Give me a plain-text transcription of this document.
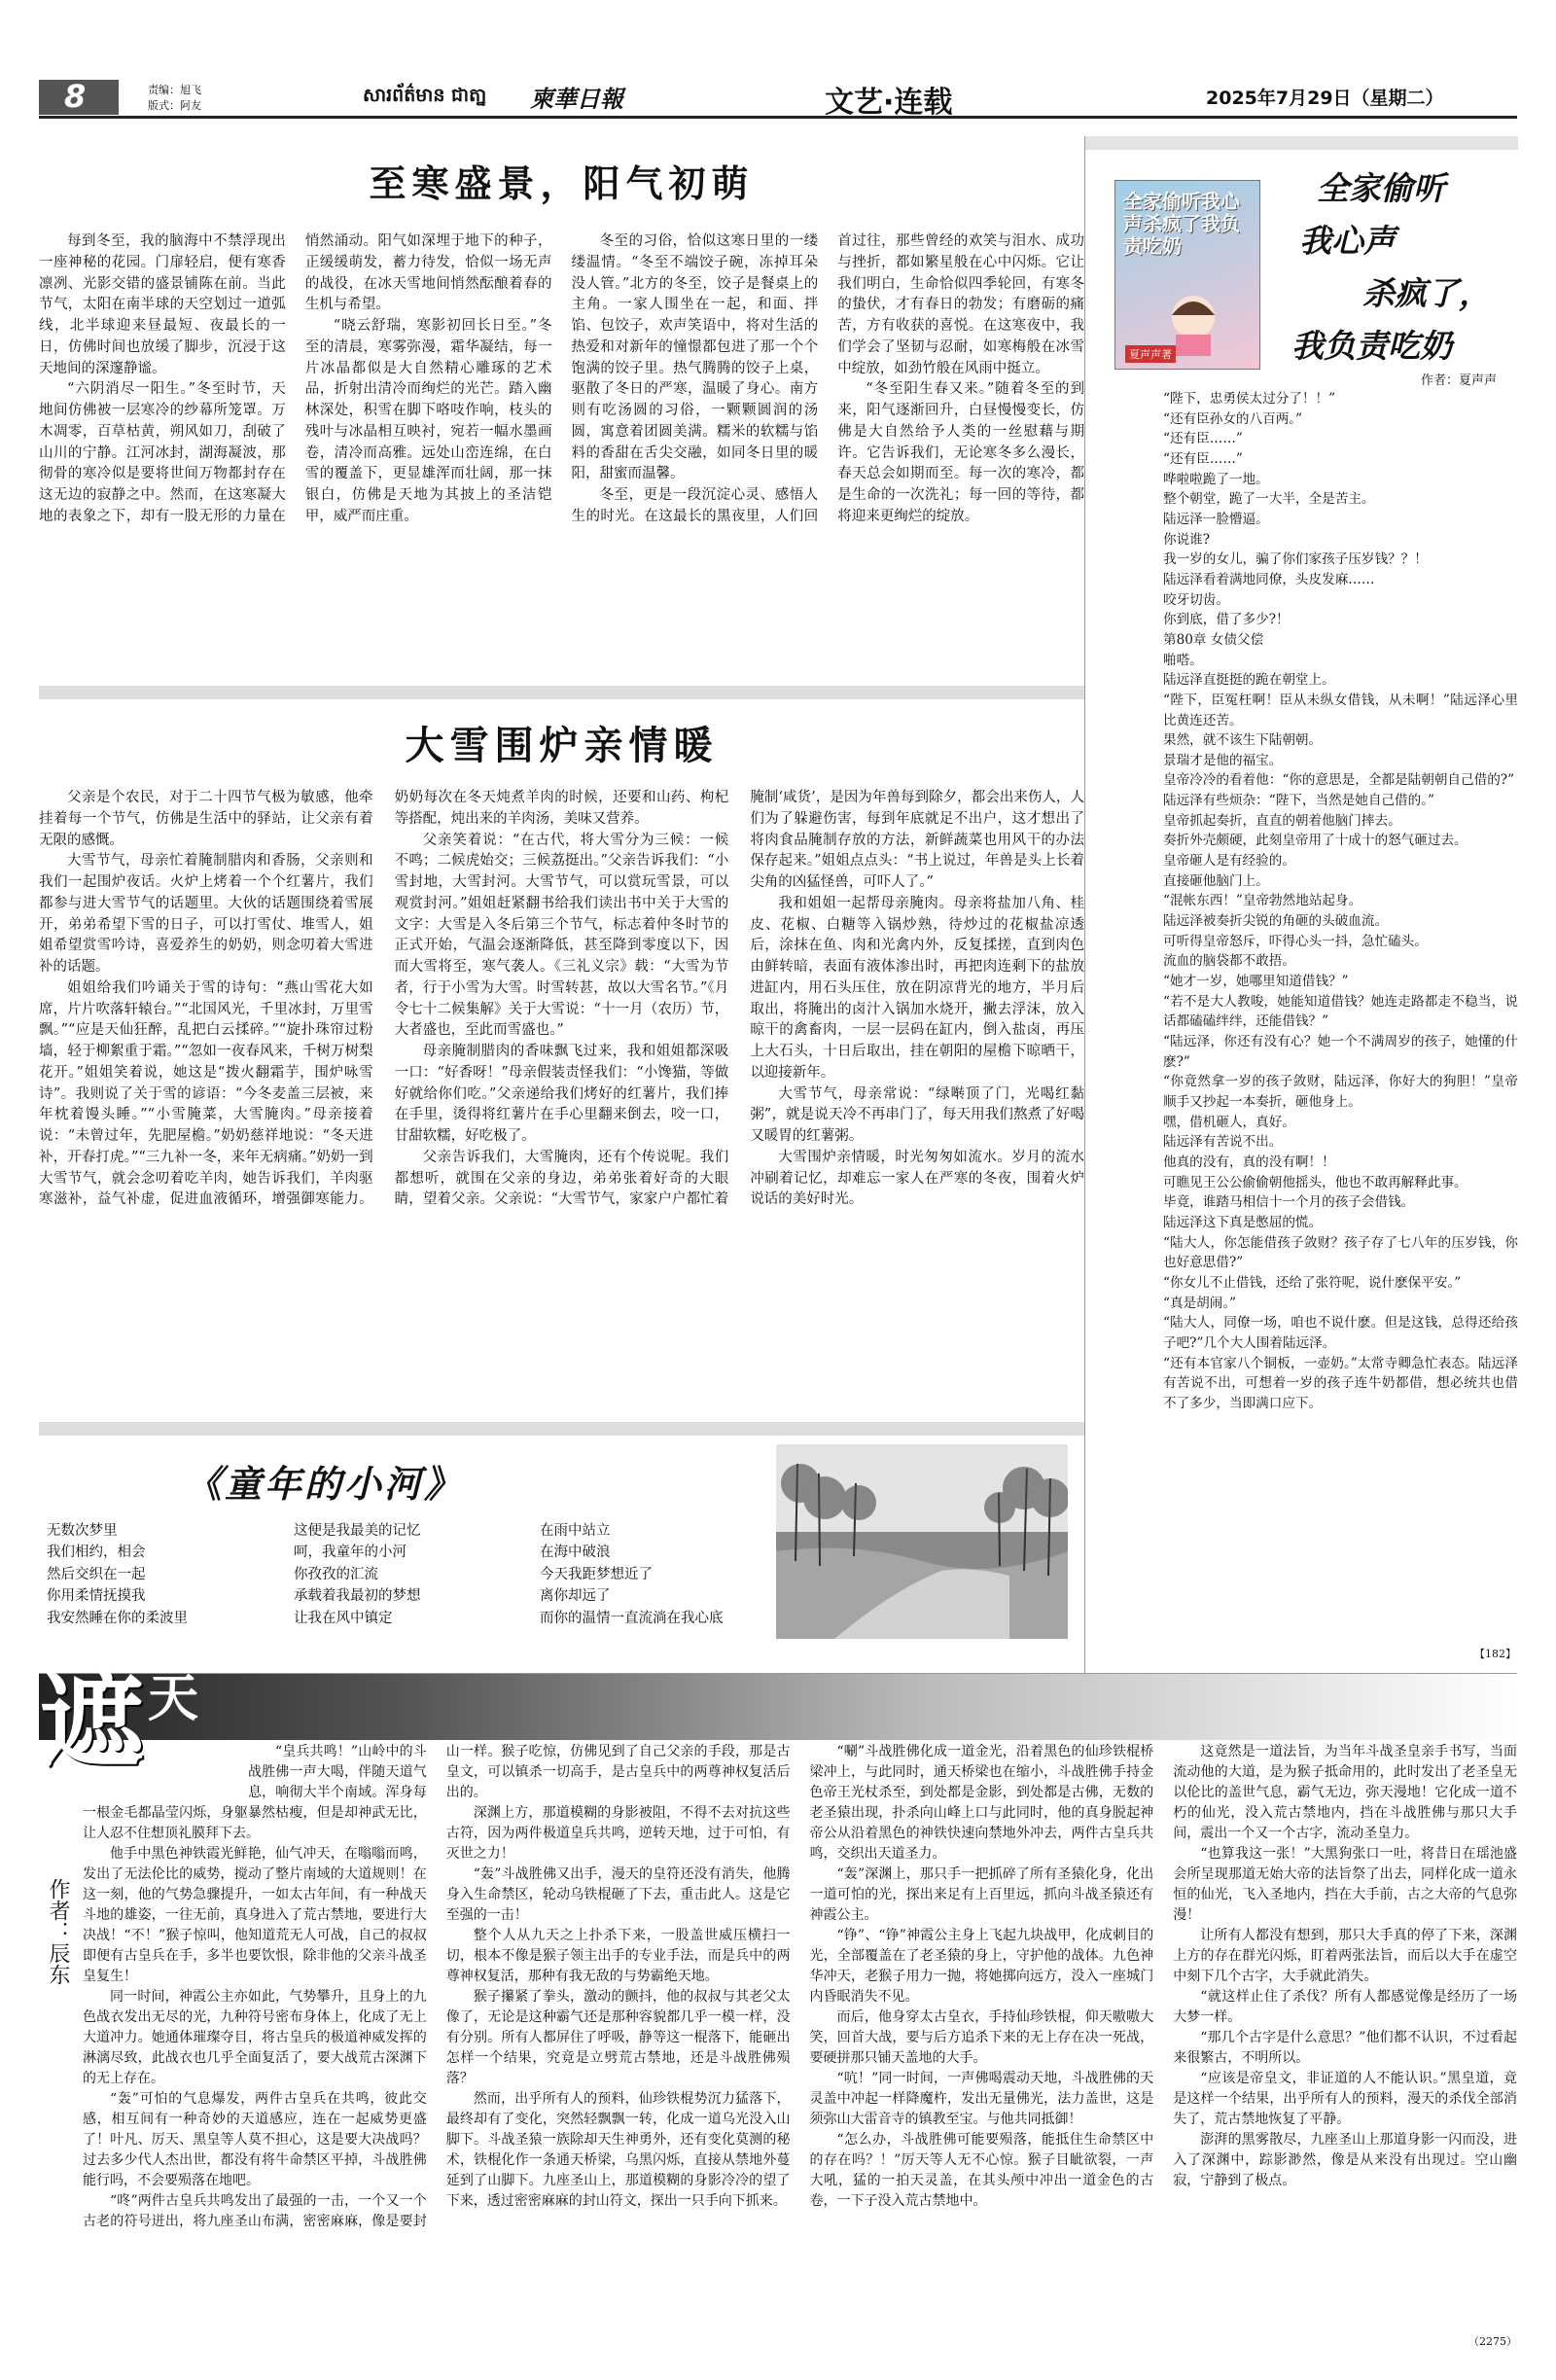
8	责编：旭飞
版式：阿友	សារព័ត៌មាន ជាតា្ន 柬華日報	文艺·连载	2025年7月29日（星期二）
至寒盛景，阳气初萌

每到冬至，我的脑海中不禁浮现出一座神秘的花园。门扉轻启，便有寒香凛冽、光影交错的盛景铺陈在前。当此节气，太阳在南半球的天空划过一道弧线，北半球迎来昼最短、夜最长的一日，仿佛时间也放缓了脚步，沉浸于这天地间的深邃静谧。

“六阴消尽一阳生。”冬至时节，天地间仿佛被一层寒冷的纱幕所笼罩。万木凋零，百草枯黄，朔风如刀，刮破了山川的宁静。江河冰封，湖海凝波，那彻骨的寒冷似是要将世间万物都封存在这无边的寂静之中。然而，在这寒凝大地的表象之下，却有一股无形的力量在悄然涌动。阳气如深埋于地下的种子，正缓缓萌发，蓄力待发，恰似一场无声的战役，在冰天雪地间悄然酝酿着春的生机与希望。

“晓云舒瑞，寒影初回长日至。”冬至的清晨，寒雾弥漫，霜华凝结，每一片冰晶都似是大自然精心雕琢的艺术品，折射出清冷而绚烂的光芒。踏入幽林深处，积雪在脚下咯吱作响，枝头的残叶与冰晶相互映衬，宛若一幅水墨画卷，清冷而高雅。远处山峦连绵，在白雪的覆盖下，更显雄浑而壮阔，那一抹银白，仿佛是天地为其披上的圣洁铠甲，威严而庄重。

冬至的习俗，恰似这寒日里的一缕缕温情。“冬至不端饺子碗，冻掉耳朵没人管。”北方的冬至，饺子是餐桌上的主角。一家人围坐在一起，和面、拌馅、包饺子，欢声笑语中，将对生活的热爱和对新年的憧憬都包进了那一个个饱满的饺子里。热气腾腾的饺子上桌，驱散了冬日的严寒，温暖了身心。南方则有吃汤圆的习俗，一颗颗圆润的汤圆，寓意着团圆美满。糯米的软糯与馅料的香甜在舌尖交融，如同冬日里的暖阳，甜蜜而温馨。

冬至，更是一段沉淀心灵、感悟人生的时光。在这最长的黑夜里，人们回首过往，那些曾经的欢笑与泪水、成功与挫折，都如繁星般在心中闪烁。它让我们明白，生命恰似四季轮回，有寒冬的蛰伏，才有春日的勃发；有磨砺的痛苦，方有收获的喜悦。在这寒夜中，我们学会了坚韧与忍耐，如寒梅般在冰雪中绽放，如劲竹般在风雨中挺立。

“冬至阳生春又来。”随着冬至的到来，阳气逐渐回升，白昼慢慢变长，仿佛是大自然给予人类的一丝慰藉与期许。它告诉我们，无论寒冬多么漫长，春天总会如期而至。每一次的寒冷，都是生命的一次洗礼；每一回的等待，都将迎来更绚烂的绽放。

大雪围炉亲情暖

父亲是个农民，对于二十四节气极为敏感，他牵挂着每一个节气，仿佛是生活中的驿站，让父亲有着无限的感慨。

大雪节气，母亲忙着腌制腊肉和香肠，父亲则和我们一起围炉夜话。火炉上烤着一个个红薯片，我们都参与进大雪节气的话题里。大伙的话题围绕着雪展开，弟弟希望下雪的日子，可以打雪仗、堆雪人，姐姐希望赏雪吟诗，喜爱养生的奶奶，则念叨着大雪进补的话题。

姐姐给我们吟诵关于雪的诗句：“燕山雪花大如席，片片吹落轩辕台。”“北国风光，千里冰封，万里雪飘。”“应是天仙狂醉，乱把白云揉碎。”“旋扑珠帘过粉墙，轻于柳絮重于霜。”“忽如一夜春风来，千树万树梨花开。”姐姐笑着说，她这是“拨火翻霜芋，围炉咏雪诗”。我则说了关于雪的谚语：“今冬麦盖三层被，来年枕着馒头睡。”“小雪腌菜，大雪腌肉。”母亲接着说：“未曾过年，先肥屋檐。”奶奶慈祥地说：“冬天进补，开春打虎。”“三九补一冬，来年无病痛。”奶奶一到大雪节气，就会念叨着吃羊肉，她告诉我们，羊肉驱寒滋补，益气补虚，促进血液循环，增强御寒能力。奶奶每次在冬天炖煮羊肉的时候，还要和山药、枸杞等搭配，炖出来的羊肉汤，美味又营养。

父亲笑着说：“在古代，将大雪分为三候：一候 不鸣；二候虎始交；三候荔挺出。”父亲告诉我们：“小雪封地，大雪封河。大雪节气，可以赏玩雪景，可以观赏封河。”姐姐赶紧翻书给我们读出书中关于大雪的文字：大雪是入冬后第三个节气，标志着仲冬时节的正式开始，气温会逐渐降低，甚至降到零度以下，因而大雪将至，寒气袭人。《三礼义宗》载：“大雪为节者，行于小雪为大雪。时雪转甚，故以大雪名节。”《月令七十二候集解》关于大雪说：“十一月（农历）节，大者盛也，至此而雪盛也。”

母亲腌制腊肉的香味飘飞过来，我和姐姐都深吸一口：“好香呀！”母亲假装责怪我们：“小馋猫，等做好就给你们吃。”父亲递给我们烤好的红薯片，我们捧在手里，烫得将红薯片在手心里翻来倒去，咬一口，甘甜软糯，好吃极了。

父亲告诉我们，大雪腌肉，还有个传说呢。我们都想听，就围在父亲的身边，弟弟张着好奇的大眼睛，望着父亲。父亲说：“大雪节气，家家户户都忙着腌制‘咸货’，是因为年兽每到除夕，都会出来伤人，人们为了躲避伤害，每到年底就足不出户，这才想出了将肉食品腌制存放的方法，新鲜蔬菜也用风干的办法保存起来。”姐姐点点头：“书上说过，年兽是头上长着尖角的凶猛怪兽，可吓人了。”

我和姐姐一起帮母亲腌肉。母亲将盐加八角、桂皮、花椒、白糖等入锅炒熟，待炒过的花椒盐凉透后，涂抹在鱼、肉和光禽内外，反复揉搓，直到肉色由鲜转暗，表面有液体渗出时，再把肉连剩下的盐放进缸内，用石头压住，放在阴凉背光的地方，半月后取出，将腌出的卤汁入锅加水烧开，撇去浮沫，放入晾干的禽畜肉，一层一层码在缸内，倒入盐卤，再压上大石头，十日后取出，挂在朝阳的屋檐下晾晒干，以迎接新年。

大雪节气，母亲常说：“绿啭顶了门，光喝红黏粥”，就是说天冷不再串门了，每天用我们熬煮了好喝又暖胃的红薯粥。

大雪围炉亲情暖，时光匆匆如流水。岁月的流水冲刷着记忆，却难忘一家人在严寒的冬夜，围着火炉说话的美好时光。

《童年的小河》
无数次梦里
我们相约，相会
然后交织在一起
你用柔情抚摸我
我安然睡在你的柔波里
这便是我最美的记忆
呵，我童年的小河
你孜孜的汇流
承载着我最初的梦想
让我在风中镇定
在雨中站立
在海中破浪
今天我距梦想近了
离你却远了
而你的温情一直流淌在我心底
全家偷听我心声杀疯了我负责吃奶
夏声声著
全家偷听
我心声
杀疯了，
我负责吃奶
作者：夏声声
“陛下，忠勇侯太过分了！！”
“还有臣孙女的八百两。”
“还有臣……”
“还有臣……”
哗啦啦跪了一地。
整个朝堂，跪了一大半，全是苦主。
陆远泽一脸懵逼。
你说谁?
我一岁的女儿，骗了你们家孩子压岁钱？？！
陆远泽看着满地同僚，头皮发麻……
咬牙切齿。
你到底，借了多少?！
第80章 女债父偿
啪嗒。
陆远泽直挺挺的跪在朝堂上。
“陛下，臣冤枉啊！臣从未纵女借钱，从未啊！”陆远泽心里比黄连还苦。
果然，就不该生下陆朝朝。
景瑞才是他的福宝。
皇帝冷冷的看着他：“你的意思是，全都是陆朝朝自己借的?”
陆远泽有些烦杂：“陛下，当然是她自己借的。”
皇帝抓起奏折，直直的朝着他脑门摔去。
奏折外壳颇硬，此刻皇帝用了十成十的怒气砸过去。
皇帝砸人是有经验的。
直接砸他脑门上。
“混帐东西！”皇帝勃然地站起身。
陆远泽被奏折尖锐的角砸的头破血流。
可听得皇帝怒斥，吓得心头一抖，急忙磕头。
流血的脑袋都不敢捂。
“她才一岁，她哪里知道借钱？”
“若不是大人教唆，她能知道借钱？她连走路都走不稳当，说话都磕磕绊绊，还能借钱？”
“陆远泽，你还有没有心？她一个不满周岁的孩子，她懂的什麽?”
“你竟然拿一岁的孩子敛财，陆远泽，你好大的狗胆！”皇帝顺手又抄起一本奏折，砸他身上。
嘿，借机砸人，真好。
陆远泽有苦说不出。
他真的没有，真的没有啊！！
可瞧见王公公偷偷朝他摇头，他也不敢再解释此事。
毕竟，谁踏马相信十一个月的孩子会借钱。
陆远泽这下真是憋屈的慌。
“陆大人，你怎能借孩子敛财？孩子存了七八年的压岁钱，你也好意思借?”
“你女儿不止借钱，还给了张符呢，说什麽保平安。”
“真是胡闹。”
“陆大人，同僚一场，咱也不说什麽。但是这钱，总得还给孩子吧?”几个大人围着陆远泽。
“还有本官家八个铜板，一壶奶。”太常寺卿急忙表态。陆远泽有苦说不出，可想着一岁的孩子连牛奶都借，想必统共也借不了多少，当即满口应下。
【182】
遮 天
作者：辰东

“皇兵共鸣！”山岭中的斗战胜佛一声大喝，伴随天道气息，响彻大半个南域。浑身每一根金毛都晶莹闪烁，身躯暴然枯瘦，但是却神武无比，让人忍不住想顶礼膜拜下去。

他手中黑色神铁霞光鲜艳，仙气冲天，在嗡嗡而鸣，发出了无法伦比的威势，搅动了整片南域的大道规则！在这一刻，他的气势急骤提升，一如太古年间，有一种战天斗地的雄姿，一往无前，真身进入了荒古禁地，要进行大决战！“不！”猴子惊叫，他知道荒无人可战，自己的叔叔即便有古皇兵在手，多半也要饮恨，除非他的父亲斗战圣皇复生！

同一时间，神霞公主亦如此，气势攀升，且身上的九色战衣发出无尽的光，九种符号密布身体上，化成了无上大道冲力。她通体璀璨夺目，将古皇兵的极道神威发挥的淋漓尽致，此战衣也几乎全面复活了，要大战荒古深渊下的无上存在。

“轰”可怕的气息爆发，两件古皇兵在共鸣，彼此交感，相互间有一种奇妙的天道感应，连在一起威势更盛了！叶凡、厉天、黑皇等人莫不担心，这是要大决战吗？过去多少代人杰出世，都没有将牛命禁区平掉，斗战胜佛能行吗，不会要殒落在地吧。

“咚”两件古皇兵共鸣发出了最强的一击，一个又一个古老的符号迸出，将九座圣山布满，密密麻麻，像是要封山一样。猴子吃惊，仿佛见到了自己父亲的手段，那是古皇文，可以镇杀一切高手，是古皇兵中的两尊神权复活后出的。

深渊上方，那道模糊的身影被阻，不得不去对抗这些古符，因为两件极道皇兵共鸣，逆转天地，过于可怕，有灭世之力！

“轰”斗战胜佛又出手，漫天的皇符还没有消失，他腾身入生命禁区，轮动乌铁棍砸了下去，重击此人。这是它至强的一击！

整个人从九天之上扑杀下来，一股盖世威压横扫一切，根本不像是猴子领主出手的专业手法，而是兵中的两尊神权复活，那种有我无敌的与势霸绝天地。

猴子攥紧了拳头，激动的颤抖，他的叔叔与其老父太像了，无论是这种霸气还是那种容貌都几乎一模一样，没有分别。所有人都屏住了呼吸，静等这一棍落下，能砸出怎样一个结果，究竟是立劈荒古禁地，还是斗战胜佛殒落？

然而，出乎所有人的预料，仙珍铁棍势沉力猛落下，最终却有了变化，突然轻飘飘一转，化成一道乌光没入山脚下。斗战圣猿一族除却天生神勇外，还有变化莫测的秘术，铁棍化作一条通天桥梁，乌黑闪烁，直接从禁地外蔓延到了山脚下。九座圣山上，那道模糊的身影冷冷的望了下来，透过密密麻麻的封山符文，探出一只手向下抓来。

“唰”斗战胜佛化成一道金光，沿着黑色的仙珍铁棍桥梁冲上，与此同时，通天桥梁也在缩小，斗战胜佛手持金色帝王光杖杀至，到处都是金影，到处都是古佛，无数的老圣猿出现，扑杀向山峰上口与此同时，他的真身脱起神帝公从沿着黑色的神铁快速向禁地外冲去，两件古皇兵共鸣，交织出天道圣力。

“轰”深渊上，那只手一把抓碎了所有圣猿化身，化出一道可怕的光，探出来足有上百里远，抓向斗战圣猿还有神霞公主。

“铮”、“铮”神霞公主身上飞起九块战甲，化成刺目的光，全部覆盖在了老圣猿的身上，守护他的战体。九色神华冲天，老猴子用力一抛，将她掷向远方，没入一座城门内昏眠消失不见。

而后，他身穿太古皇衣，手持仙珍铁棍，仰天嗷嗷大笑，回首大战，要与后方追杀下来的无上存在决一死战，要硬拼那只铺天盖地的大手。

“吭！”同一时间，一声佛喝震动天地，斗战胜佛的天灵盖中冲起一样降魔杵，发出无量佛光，法力盖世，这是须弥山大雷音寺的镇教至宝。与他共同抵御！

“怎么办，斗战胜佛可能要殒落，能抵住生命禁区中的存在吗？！”厉天等人无不心惊。猴子目眦欲裂，一声大吼，猛的一拍天灵盖，在其头颅中冲出一道金色的古卷，一下子没入荒古禁地中。

这竟然是一道法旨，为当年斗战圣皇亲手书写，当面流动他的大道，是为猴子抵命用的，此时发出了老圣皇无以伦比的盖世气息，霸气无边，弥天漫地！它化成一道不朽的仙光，没入荒古禁地内，挡在斗战胜佛与那只大手间，震出一个又一个古字，流动圣皇力。

“也算我这一张！”大黑狗张口一吐，将昔日在瑶池盛会所呈现那道无始大帝的法旨祭了出去，同样化成一道永恒的仙光，飞入圣地内，挡在大手前，古之大帝的气息弥漫！

让所有人都没有想到，那只大手真的停了下来，深渊上方的存在群光闪烁，盯着两张法旨，而后以大手在虚空中刻下几个古字，大手就此消失。

“就这样止住了杀伐？所有人都感觉像是经历了一场大梦一样。

“那几个古字是什么意思？”他们都不认识，不过看起来很繁古，不明所以。

“应该是帝皇文，非证道的人不能认识。”黑皇道，竟是这样一个结果，出乎所有人的预料，漫天的杀伐全部消失了，荒古禁地恢复了平静。

澎湃的黑雾散尽，九座圣山上那道身影一闪而没，进入了深渊中，踪影渺然，像是从来没有出现过。空山幽寂，宁静到了极点。

（2275）
